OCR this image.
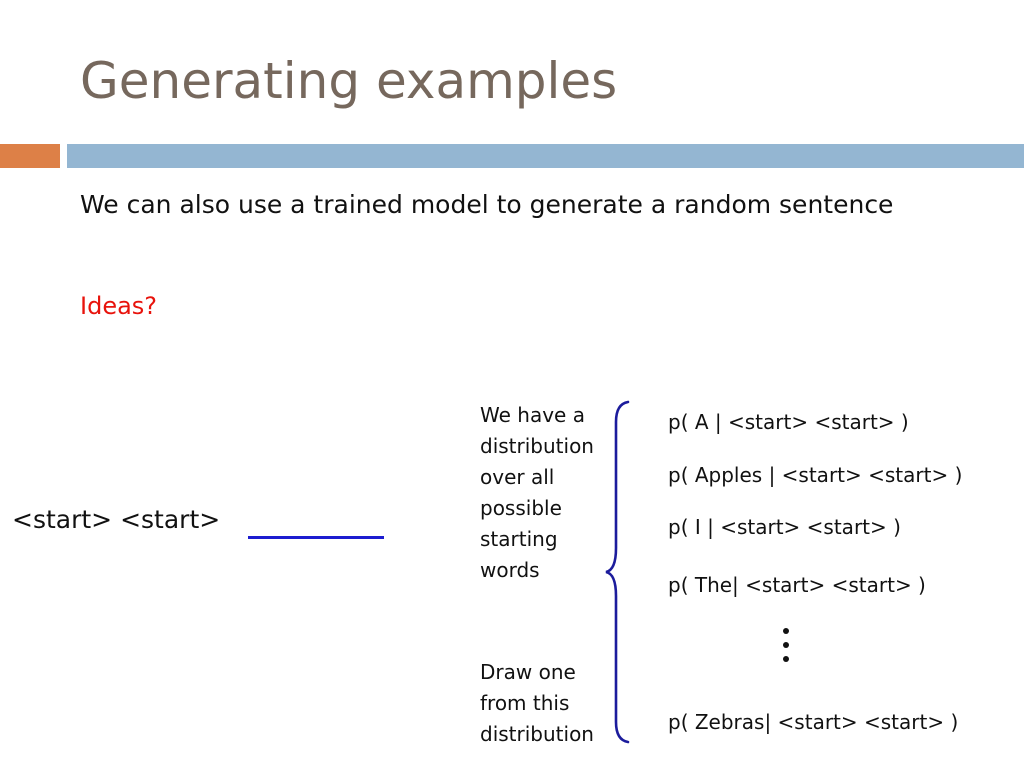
Generating examples
We can also use a trained model to generate a random sentence
Ideas?
<start> <start>
We have a
distribution
over all
possible
starting
words
Draw one
from this
distribution
p( A | <start> <start> )
p( Apples | <start> <start> )
p( I | <start> <start> )
p( The| <start> <start> )
p( Zebras| <start> <start> )
